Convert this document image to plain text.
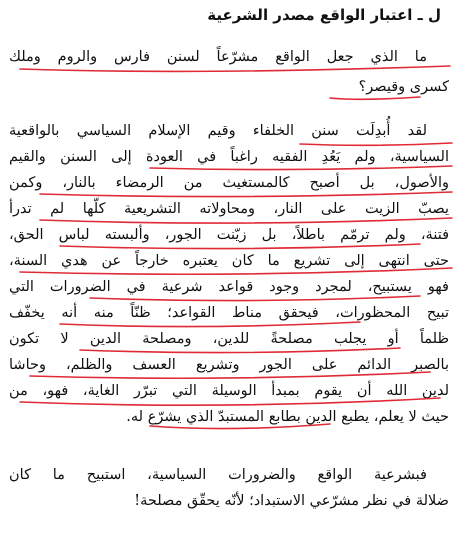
ل ـ اعتبار الواقع مصدر الشرعية
ما الذي جعل الواقع مشرّعاً لسنن فارس والروم وملك
كسرى وقيصر؟
لقد أُبدِلَت سنن الخلفاء وقيم الإسلام السياسي بالواقعية
السياسية، ولم يَعُدِ الفقيه راغباً في العودة إلى السنن والقيم
والأصول، بل أصبح كالمستغيث من الرمضاء بالنار، وكمن
يصبّ الزيت على النار، ومحاولاته التشريعية كلّها لم تدرأ
فتنة، ولم ترمّم باطلاً، بل زيّنت الجور، وألبسته لباس الحق،
حتى انتهى إلى تشريع ما كان يعتبره خارجاً عن هدي السنة،
فهو يستبيح، لمجرد وجود قواعد شرعية في الضرورات التي
تبيح المحظورات، فيحقق مناط القواعد؛ ظنّاً منه أنه يخفّف
ظلماً أو يجلب مصلحةً للدين، ومصلحة الدين لا تكون
بالصبر الدائم على الجور وتشريع العسف والظلم، وحاشا
لدين الله أن يقوم بمبدأ الوسيلة التي تبرّر الغاية، فهو، من
حيث لا يعلم، يطبع الدين بطابع المستبدّ الذي يشرّع له.
فبشرعية الواقع والضرورات السياسية، استبيح ما كان
ضلالة في نظر مشرّعي الاستبداد؛ لأنّه يحقّق مصلحة!
